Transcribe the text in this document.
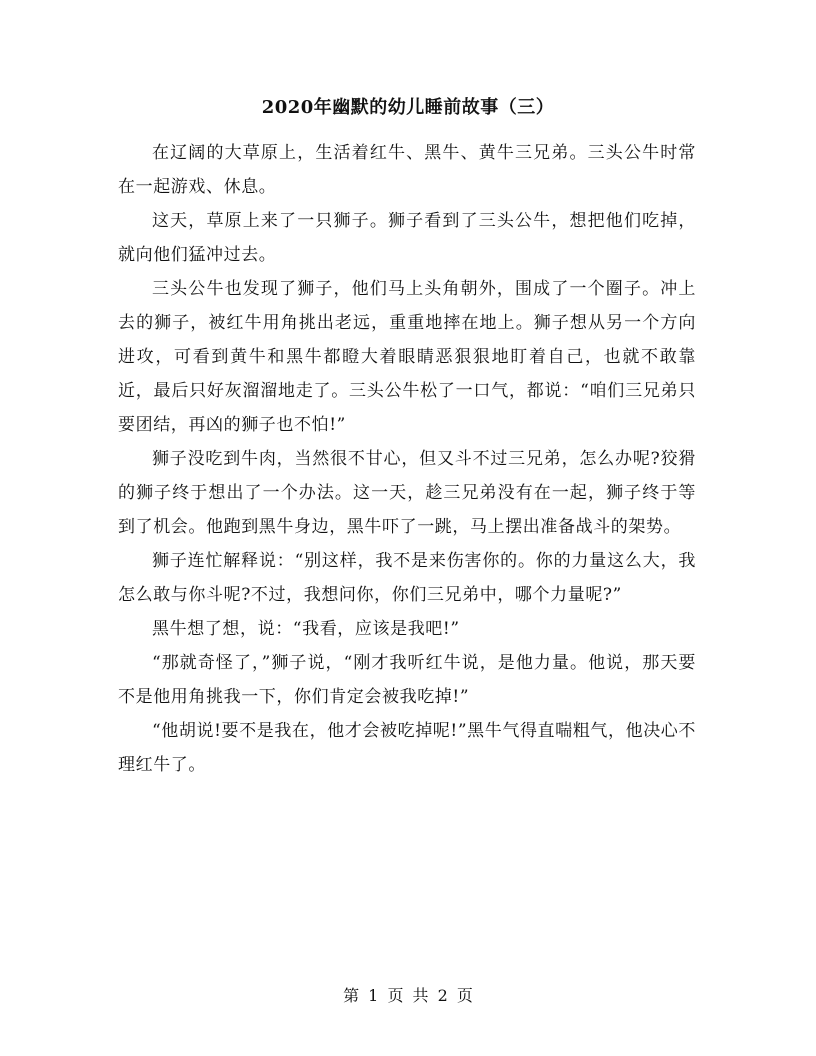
2020年幽默的幼儿睡前故事（三）

在辽阔的大草原上，生活着红牛、黑牛、黄牛三兄弟。三头公牛时常在一起游戏、休息。

这天，草原上来了一只狮子。狮子看到了三头公牛，想把他们吃掉，就向他们猛冲过去。

三头公牛也发现了狮子，他们马上头角朝外，围成了一个圈子。冲上去的狮子，被红牛用角挑出老远，重重地摔在地上。狮子想从另一个方向进攻，可看到黄牛和黑牛都瞪大着眼睛恶狠狠地盯着自己，也就不敢靠近，最后只好灰溜溜地走了。三头公牛松了一口气，都说：“咱们三兄弟只要团结，再凶的狮子也不怕!”

狮子没吃到牛肉，当然很不甘心，但又斗不过三兄弟，怎么办呢?狡猾的狮子终于想出了一个办法。这一天，趁三兄弟没有在一起，狮子终于等到了机会。他跑到黑牛身边，黑牛吓了一跳，马上摆出准备战斗的架势。

狮子连忙解释说：“别这样，我不是来伤害你的。你的力量这么大，我怎么敢与你斗呢?不过，我想问你，你们三兄弟中，哪个力量呢?”

黑牛想了想，说：“我看，应该是我吧!”

“那就奇怪了，”狮子说，“刚才我听红牛说，是他力量。他说，那天要不是他用角挑我一下，你们肯定会被我吃掉!”

“他胡说!要不是我在，他才会被吃掉呢!”黑牛气得直喘粗气，他决心不理红牛了。

第 1 页 共 2 页
